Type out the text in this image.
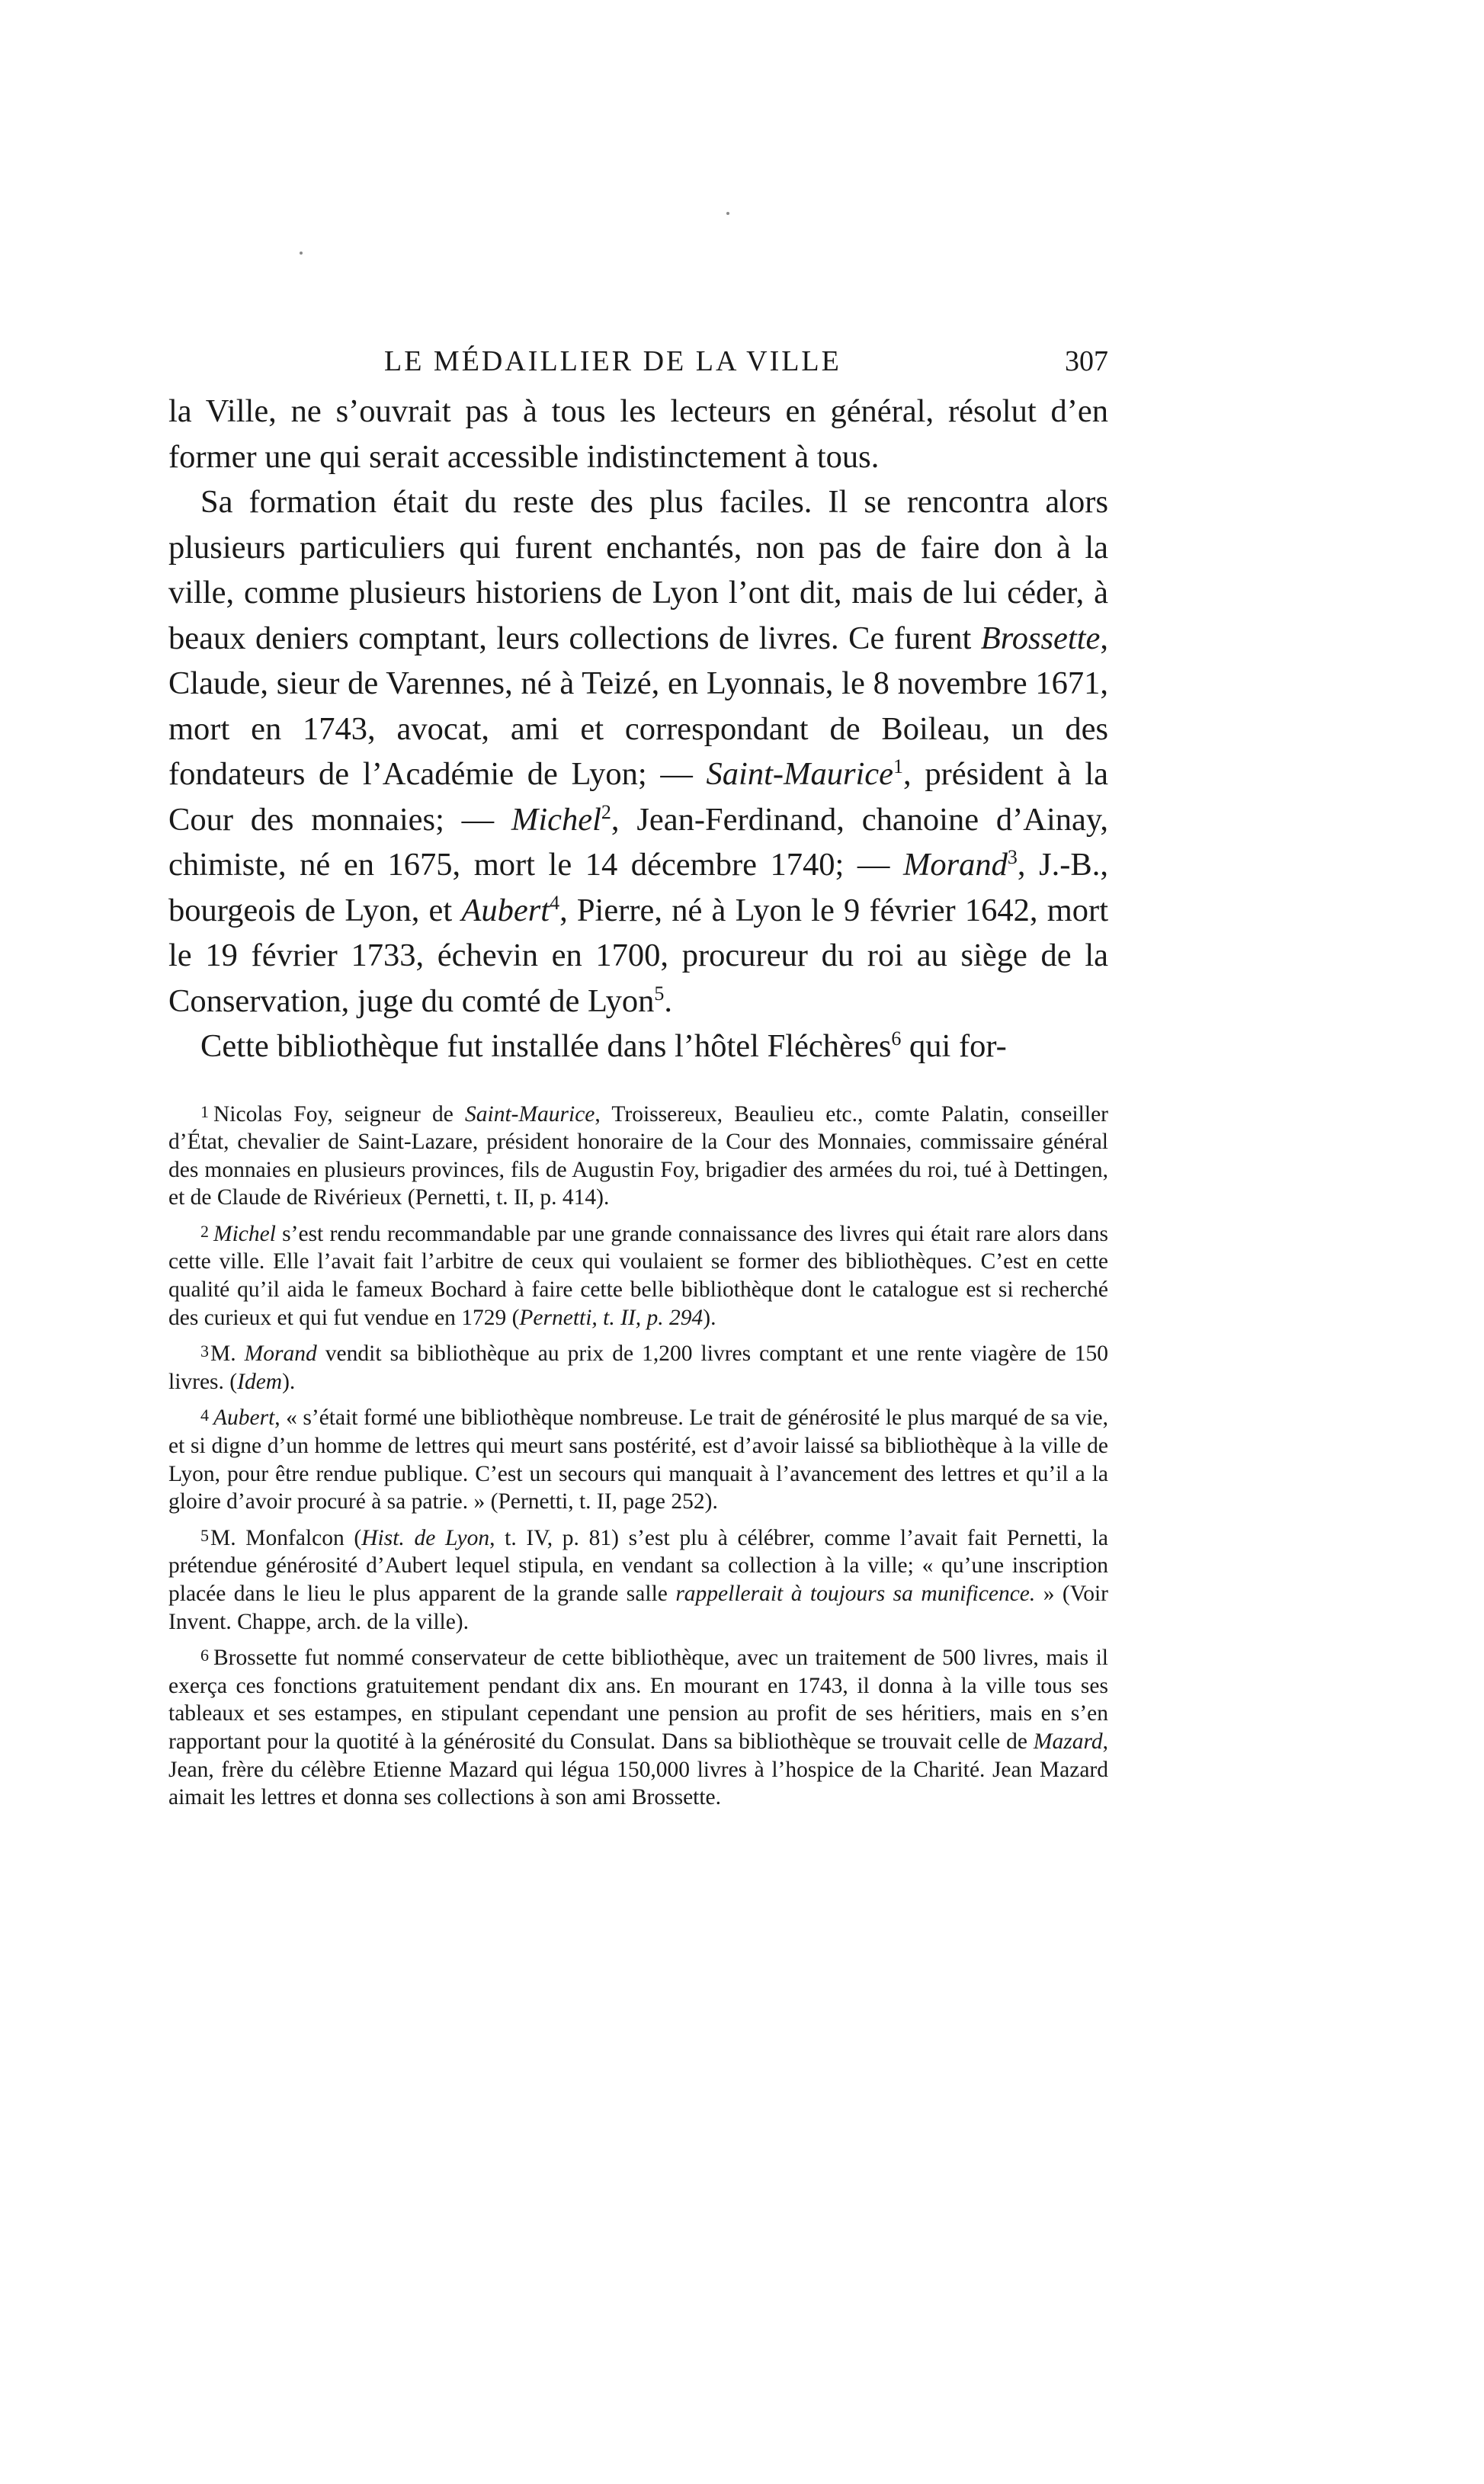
LE MÉDAILLIER DE LA VILLE	307

la Ville, ne s’ouvrait pas à tous les lecteurs en général, résolut d’en former une qui serait accessible indistinctement à tous.

Sa formation était du reste des plus faciles. Il se rencontra alors plusieurs particuliers qui furent enchantés, non pas de faire don à la ville, comme plusieurs historiens de Lyon l’ont dit, mais de lui céder, à beaux deniers comptant, leurs collections de livres. Ce furent Brossette, Claude, sieur de Varennes, né à Teizé, en Lyonnais, le 8 novembre 1671, mort en 1743, avocat, ami et correspondant de Boileau, un des fondateurs de l’Académie de Lyon; — Saint-Maurice$^1$, président à la Cour des monnaies; — Michel$^2$, Jean-Ferdinand, chanoine d’Ainay, chimiste, né en 1675, mort le 14 décembre 1740; — Morand$^3$, J.-B., bourgeois de Lyon, et Aubert$^4$, Pierre, né à Lyon le 9 février 1642, mort le 19 février 1733, échevin en 1700, procureur du roi au siège de la Conservation, juge du comté de Lyon$^5$.

Cette bibliothèque fut installée dans l’hôtel Fléchères$^6$ qui for-

1 Nicolas Foy, seigneur de Saint-Maurice, Troissereux, Beaulieu etc., comte Palatin, conseiller d’État, chevalier de Saint-Lazare, président honoraire de la Cour des Monnaies, commissaire général des monnaies en plusieurs provinces, fils de Augustin Foy, brigadier des armées du roi, tué à Dettingen, et de Claude de Rivérieux (Pernetti, t. II, p. 414).

2 Michel s’est rendu recommandable par une grande connaissance des livres qui était rare alors dans cette ville. Elle l’avait fait l’arbitre de ceux qui voulaient se former des bibliothèques. C’est en cette qualité qu’il aida le fameux Bochard à faire cette belle bibliothèque dont le catalogue est si recherché des curieux et qui fut vendue en 1729 (Pernetti, t. II, p. 294).

3M. Morand vendit sa bibliothèque au prix de 1,200 livres comptant et une rente viagère de 150 livres. (Idem).

4 Aubert, « s’était formé une bibliothèque nombreuse. Le trait de générosité le plus marqué de sa vie, et si digne d’un homme de lettres qui meurt sans postérité, est d’avoir laissé sa bibliothèque à la ville de Lyon, pour être rendue publique. C’est un secours qui manquait à l’avancement des lettres et qu’il a la gloire d’avoir procuré à sa patrie. » (Pernetti, t. II, page 252).

5M. Monfalcon (Hist. de Lyon, t. IV, p. 81) s’est plu à célébrer, comme l’avait fait Pernetti, la prétendue générosité d’Aubert lequel stipula, en vendant sa collection à la ville; « qu’une inscription placée dans le lieu le plus apparent de la grande salle rappellerait à toujours sa munificence. » (Voir Invent. Chappe, arch. de la ville).

6 Brossette fut nommé conservateur de cette bibliothèque, avec un traitement de 500 livres, mais il exerça ces fonctions gratuitement pendant dix ans. En mourant en 1743, il donna à la ville tous ses tableaux et ses estampes, en stipulant cependant une pension au profit de ses héritiers, mais en s’en rapportant pour la quotité à la générosité du Consulat. Dans sa bibliothèque se trouvait celle de Mazard, Jean, frère du célèbre Etienne Mazard qui légua 150,000 livres à l’hospice de la Charité. Jean Mazard aimait les lettres et donna ses collections à son ami Brossette.
